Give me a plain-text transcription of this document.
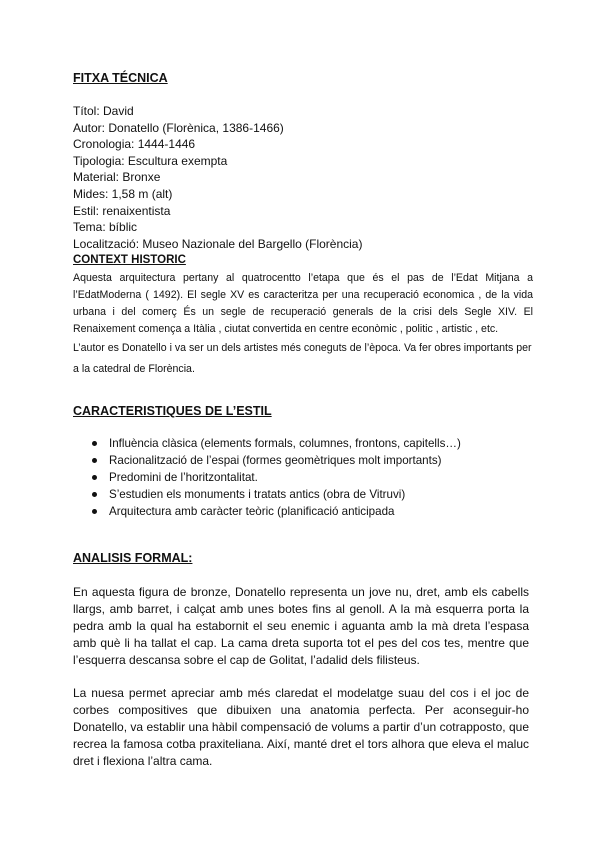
FITXA TÉCNICA
Títol: David
Autor: Donatello (Florènica, 1386-1466)
Cronologia: 1444-1446
Tipologia: Escultura exempta
Material: Bronxe
Mides: 1,58 m (alt)
Estil: renaixentista
Tema: bíblic
Localització: Museo Nazionale del Bargello (Florència)
CONTEXT HISTORIC

Aquesta arquitectura pertany al quatrocentto l’etapa que és el pas de l’Edat Mitjana a l’EdatModerna ( 1492). El segle XV es caracteritza per una recuperació economica , de la vida urbana i del comerç És un segle de recuperació generals de la crisi dels Segle XIV. El Renaixement comença a Itàlia , ciutat convertida en centre econòmic , politic , artistic , etc.

L’autor es Donatello i va ser un dels artistes més coneguts de l’època. Va fer obres importants per a la catedral de Florència.

CARACTERISTIQUES DE L’ESTIL
Influència clàsica (elements formals, columnes, frontons, capitells…)
Racionalització de l’espai (formes geomètriques molt importants)
Predomini de l’horitzontalitat.
S’estudien els monuments i tratats antics (obra de Vitruvi)
Arquitectura amb caràcter teòric (planificació anticipada
ANALISIS FORMAL:

En aquesta figura de bronze, Donatello representa un jove nu, dret, amb els cabells llargs, amb barret, i calçat amb unes botes fins al genoll. A la mà esquerra porta la pedra amb la qual ha estabornit el seu enemic i aguanta amb la mà dreta l’espasa amb què li ha tallat el cap. La cama dreta suporta tot el pes del cos tes, mentre que l’esquerra descansa sobre el cap de Golitat, l’adalid dels filisteus.

La nuesa permet apreciar amb més claredat el modelatge suau del cos i el joc de corbes compositives que dibuixen una anatomia perfecta. Per aconseguir-ho Donatello, va establir una hàbil compensació de volums a partir d’un cotrapposto, que recrea la famosa cotba praxiteliana. Així, manté dret el tors alhora que eleva el maluc dret i flexiona l’altra cama.
